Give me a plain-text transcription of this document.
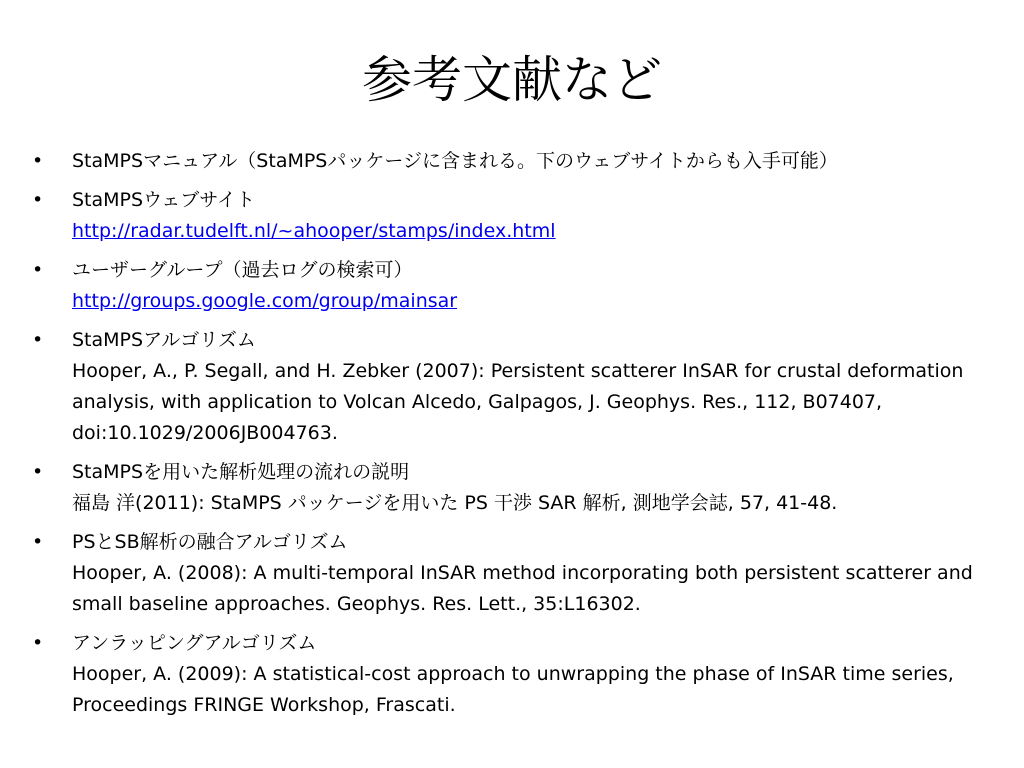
参考文献など
•	StaMPSマニュアル（StaMPSパッケージに含まれる。下のウェブサイトからも入手可能）
•	StaMPSウェブサイト
http://radar.tudelft.nl/~ahooper/stamps/index.html
•	ユーザーグループ（過去ログの検索可）
http://groups.google.com/group/mainsar
•	StaMPSアルゴリズム
Hooper, A., P. Segall, and H. Zebker (2007): Persistent scatterer InSAR for crustal deformation analysis, with application to Volcan Alcedo, Galpagos, J. Geophys. Res., 112, B07407, doi:10.1029/2006JB004763.
•	StaMPSを用いた解析処理の流れの説明
福島 洋(2011): StaMPS パッケージを用いた PS 干渉 SAR 解析, 測地学会誌, 57, 41-48.
•	PSとSB解析の融合アルゴリズム
Hooper, A. (2008): A multi-temporal InSAR method incorporating both persistent scatterer and small baseline approaches. Geophys. Res. Lett., 35:L16302.
•	アンラッピングアルゴリズム
Hooper, A. (2009): A statistical-cost approach to unwrapping the phase of InSAR time series, Proceedings FRINGE Workshop, Frascati.
